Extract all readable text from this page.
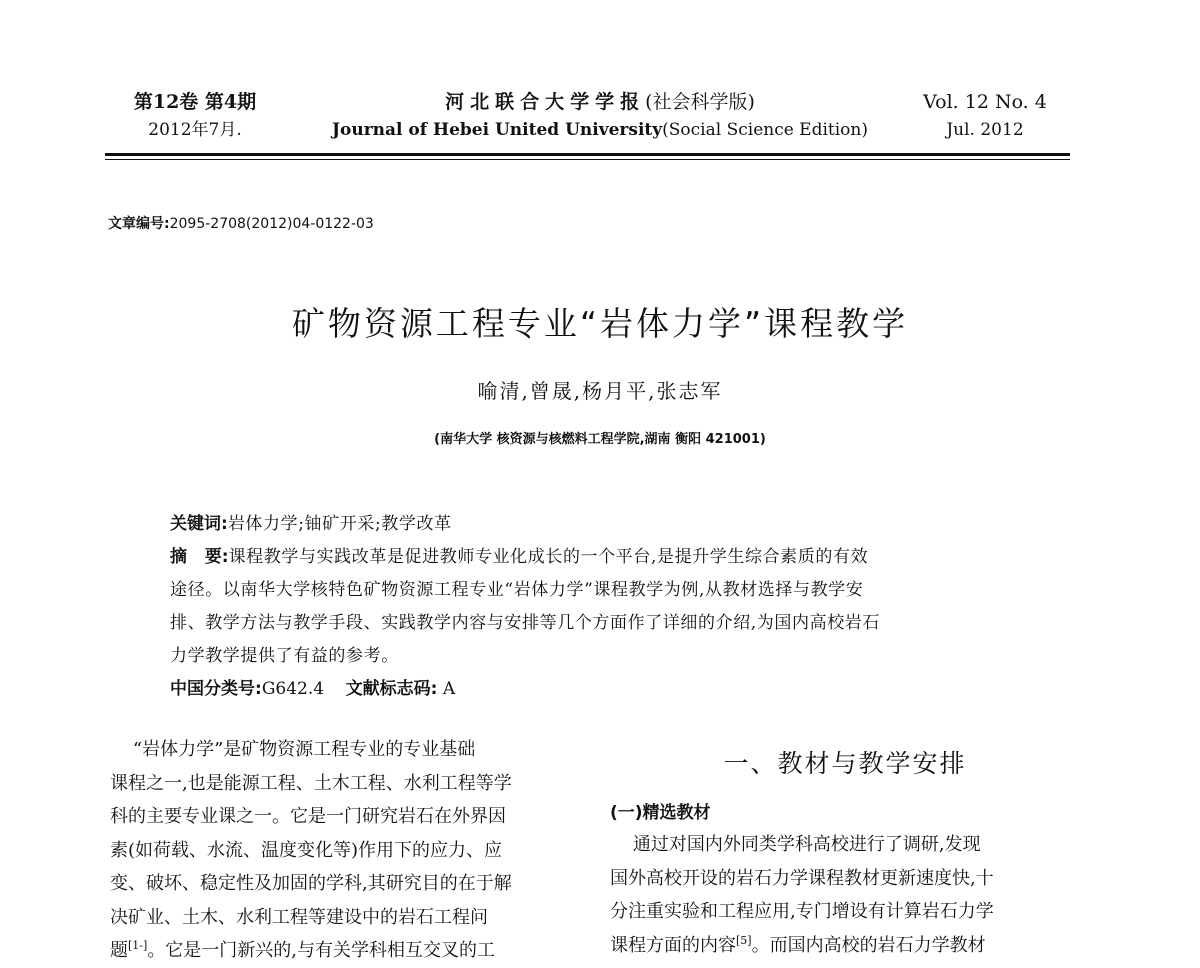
第12卷 第4期
2012年7月.
河北联合大学学报(社会科学版)
Journal of Hebei United University(Social Science Edition)
Vol. 12 No. 4
Jul. 2012
文章编号:2095-2708(2012)04-0122-03
矿物资源工程专业“岩体力学”课程教学
喻清,曾晟,杨月平,张志军
(南华大学 核资源与核燃料工程学院,湖南 衡阳 421001)
关键词:岩体力学;铀矿开采;教学改革
摘   要:课程教学与实践改革是促进教师专业化成长的一个平台,是提升学生综合素质的有效
途径。以南华大学核特色矿物资源工程专业“岩体力学”课程教学为例,从教材选择与教学安
排、教学方法与教学手段、实践教学内容与安排等几个方面作了详细的介绍,为国内高校岩石
力学教学提供了有益的参考。
中国分类号:G642.4 文献标志码: A
“岩体力学”是矿物资源工程专业的专业基础
课程之一,也是能源工程、土木工程、水利工程等学
科的主要专业课之一。它是一门研究岩石在外界因
素(如荷载、水流、温度变化等)作用下的应力、应
变、破坏、稳定性及加固的学科,其研究目的在于解
决矿业、土木、水利工程等建设中的岩石工程问
题[1-]。它是一门新兴的,与有关学科相互交叉的工
一、教材与教学安排
(一)精选教材
通过对国内外同类学科高校进行了调研,发现
国外高校开设的岩石力学课程教材更新速度快,十
分注重实验和工程应用,专门增设有计算岩石力学
课程方面的内容[5]。而国内高校的岩石力学教材
